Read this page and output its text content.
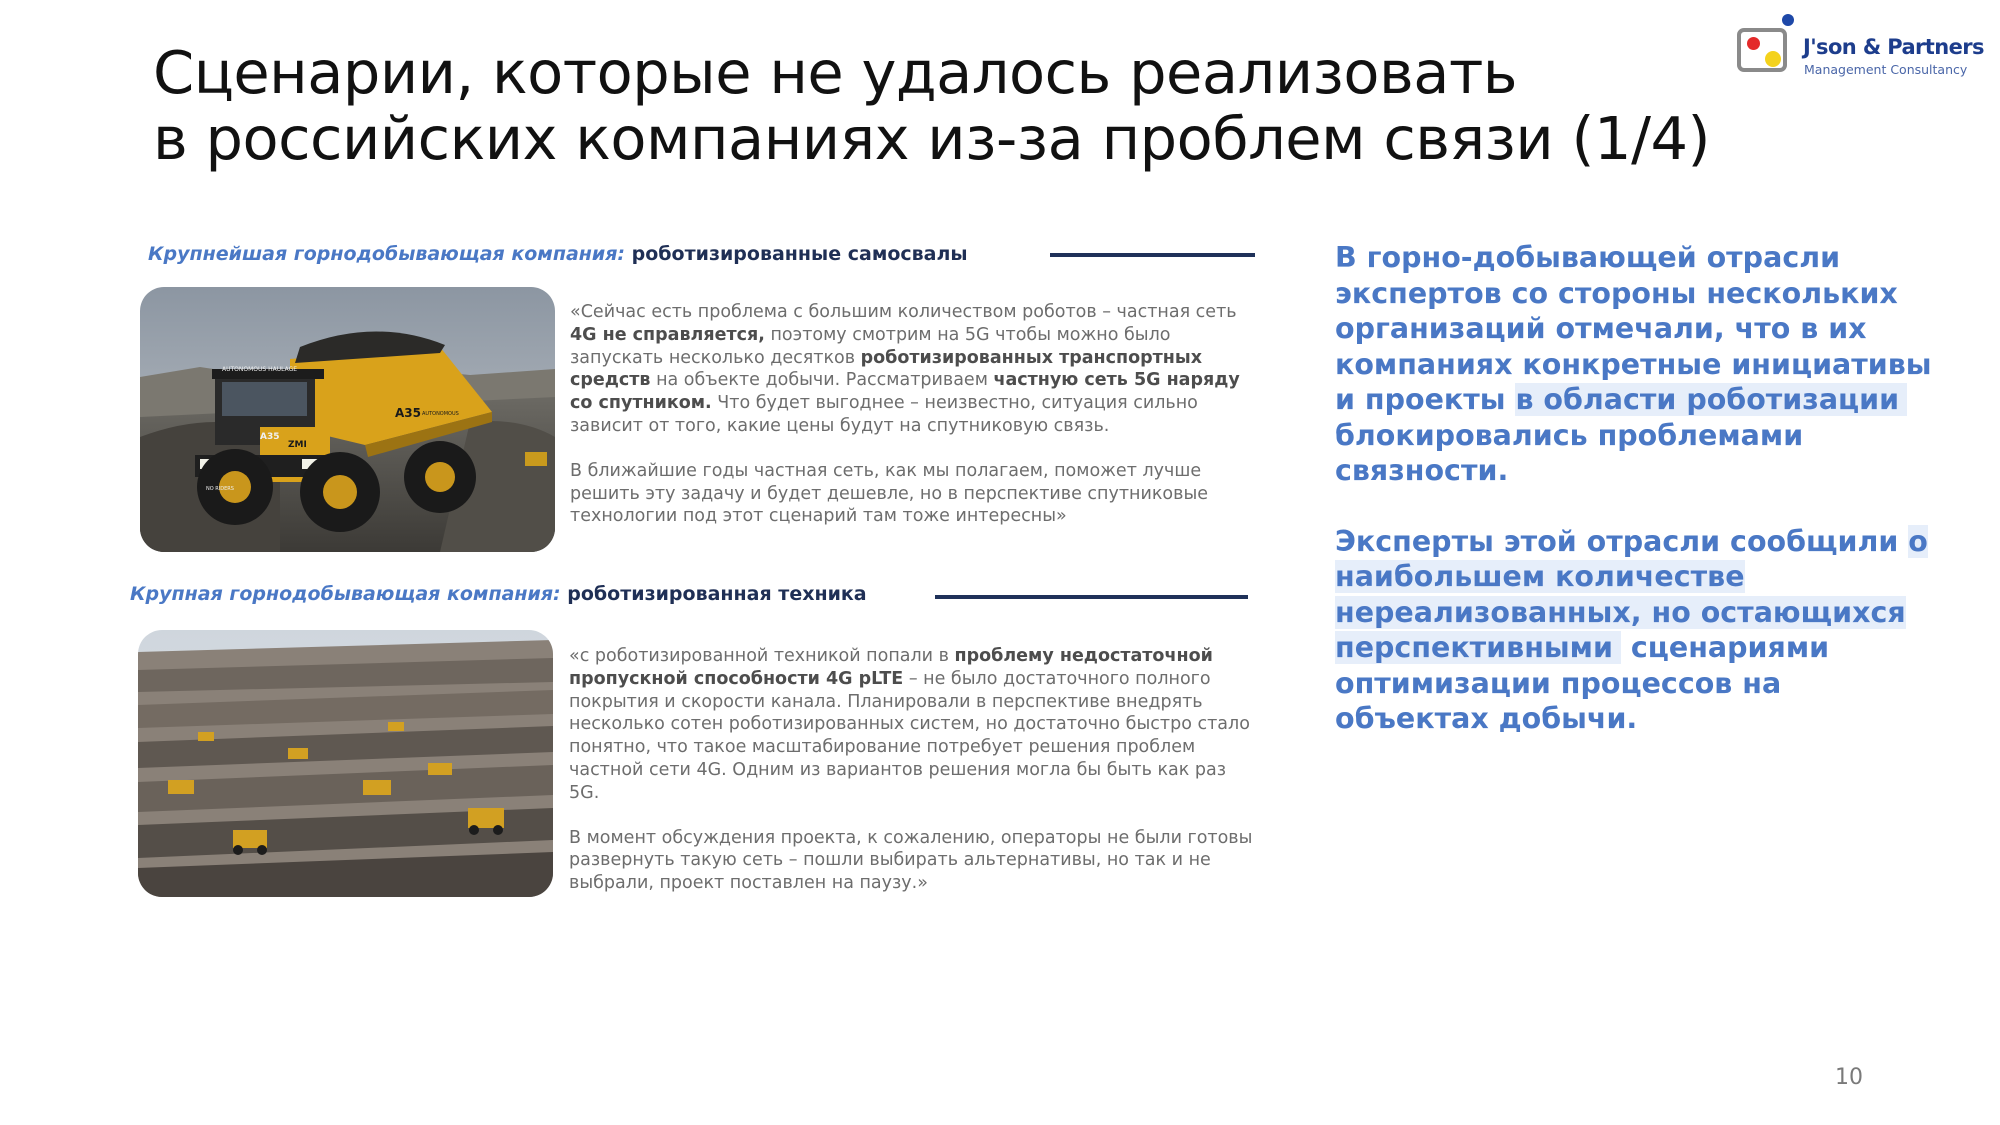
Сценарии, которые не удалось реализовать
в российских компаниях из-за проблем связи (1/4)
J'son & Partners
Management Consultancy
Крупнейшая горнодобывающая компания: роботизированные самосвалы
AUTONOMOUS HAULAGE
A35 AUTONOMOUS
A35
ZMI
NO RIDERS

«Сейчас есть проблема с большим количеством роботов – частная сеть 4G не справляется, поэтому смотрим на 5G чтобы можно было запускать несколько десятков роботизированных транспортных средств на объекте добычи. Рассматриваем частную сеть 5G наряду со спутником. Что будет выгоднее – неизвестно, ситуация сильно зависит от того, какие цены будут на спутниковую связь.

В ближайшие годы частная сеть, как мы полагаем, поможет лучше решить эту задачу и будет дешевле, но в перспективе спутниковые технологии под этот сценарий там тоже интересны»

Крупная горнодобывающая компания: роботизированная техника

«с роботизированной техникой попали в проблему недостаточной пропускной способности 4G pLTE – не было достаточного полного покрытия и скорости канала. Планировали в перспективе внедрять несколько сотен роботизированных систем, но достаточно быстро стало понятно, что такое масштабирование потребует решения проблем частной сети 4G. Одним из вариантов решения могла бы быть как раз 5G.

В момент обсуждения проекта, к сожалению, операторы не были готовы развернуть такую сеть – пошли выбирать альтернативы, но так и не выбрали, проект поставлен на паузу.»

В горно-добывающей отрасли экспертов со стороны нескольких организаций отмечали, что в их компаниях конкретные инициативы и проекты в области роботизации блокировались проблемами связности.

Эксперты этой отрасли сообщили о наибольшем количестве нереализованных, но остающихся перспективными сценариями оптимизации процессов на объектах добычи.

10
